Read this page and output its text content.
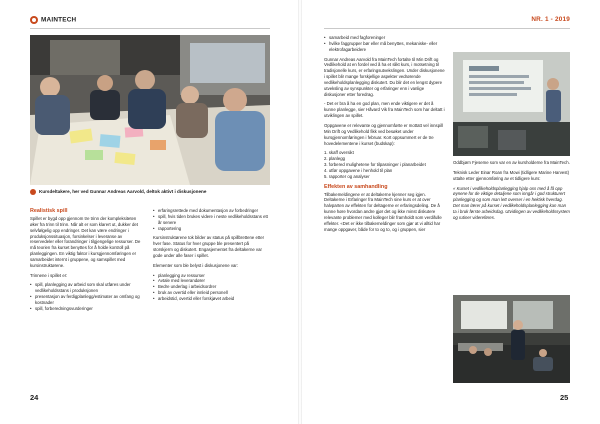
MAINTECH	NR. 1 - 2019
Kursdeltakere, her ved Gunnar Andreas Aarvold, deltok aktivt i diskusjonene
Realistisk spill

Spillet er bygd opp gjennom tre trinn der kompleksiteten øker fra trinn til trinn. Når alt er som klarert ut, dukker det selvfølgelig opp endringer. Det kan være endringer i produksjonssituasjon, forsinkelser i leveranse av reservedeler eller forandringer i tilgjengelige ressurser. De må teorien fra kurset benyttes for å holde kontroll på planleggingen. En viktig faktor i kursgjennomføringen er samarbeidet internt i gruppene, og samspillet med kursinstruktørene.

Trinnene i spillet er:

• spill, planlegging av arbeid som skal utføres under vedlikeholdsstans i produksjonen
• presentasjon av ferdigplanlegg/estimater av omfang og kostnader
• spill, forberedningsvurderinger
• erfaringsrettede med dokumentasjon av forbedringer
• spill, hvis tiden brukes videre i neste vedlikeholdsstans ett år senere
• rapportering

Kursinstruktørene tok bilder av status på spillbrettene etter hver fase. Status for hver gruppe ble presentert på storskjerm og diskutert. Engasjementet fra deltakerne var gode under alle faser i spillet.

Elementer som ble belyst i diskusjonene var:

• planlegging av ressurser
• Avtale med leverandører
• Bedre underlag i arbeidsordrer
• bruk av overtid eller innleid personell
• arbeidstid, overtid eller forskjøvet arbeid
24
• samarbeid med fagforeninger
• hvilke faggrupper bør eller må benyttes, mekaniske- eller elektrofagarbeidere

Gunnar Andreas Aarvold fra MainTech fortalte til Min Drift og Vedlikehold at en fordel ved å ha et slikt kurs, i motsetning til tradisjonelle kurs, er erfaringsutvekslingen. Under diskusjonene i spillet blir mange forskjellige aspekter vedrørende vedlikeholdsplanlegging diskutert. Du blir det en lengst dypere utveksling av synspunkter og erfaringer enn i vanlige diskusjoner etter foredrag.

- Det er bra å ha en god plan, men ende viktigere er det å kunne planlegge, sier Håvard Vik fra MainTech som har deltatt i utviklingen av spillet.

Oppgavene er relevante og gjennomførte er mottatt vel innspill Min Drift og Vedlikehold fikk ved besøket under kursgjennomføringen i februar. Kort oppsummert er de tre hovedelementene i kurset (budskap):

1. skaff oversikt
2. planlegg
3. forbered mulighetene for tilpasninger i planarbeidet
4. utfør oppgavene i henhold til plan
5. rapporter og analyser
Effekten av samhandling

Tilbakemeldingene er at deltakerne kjenner seg igjen. Deltakerne i Erfaringer fra MainTech sine kurs er at over halvparten av effekten for deltagerne er erfaringsdeling. De å kunne høre hvordan andre gjør det og ikke minst diskutere relevante problemer med kolleger blir framholdt som verdifulle effekter. «Det er ikke tilbakemeldinger som gjør at vi alltid har mange oppgaver, både for to og to, og i gruppen, sier

Oddbjørn Fjeseme som var en av kursholderne fra MainTech.

Teknisk Leder Einar Roan fra Mowi (tidligere Marine Harvest) uttalte etter gjennomføring av et tidligere kurs:

« Kurset i vedlikeholdsplanlegging hjalp oss med å få opp øynene for de viktige detaljene som inngår i god strukturert planlegging og som man lett overser i en hektisk hverdag. Det man lærer på kurset i vedlikeholdsplanlegging kan man ta i bruk første arbeidsdag. Utvidingen av vedlikeholdssystem og rutiner videreføres.

25
